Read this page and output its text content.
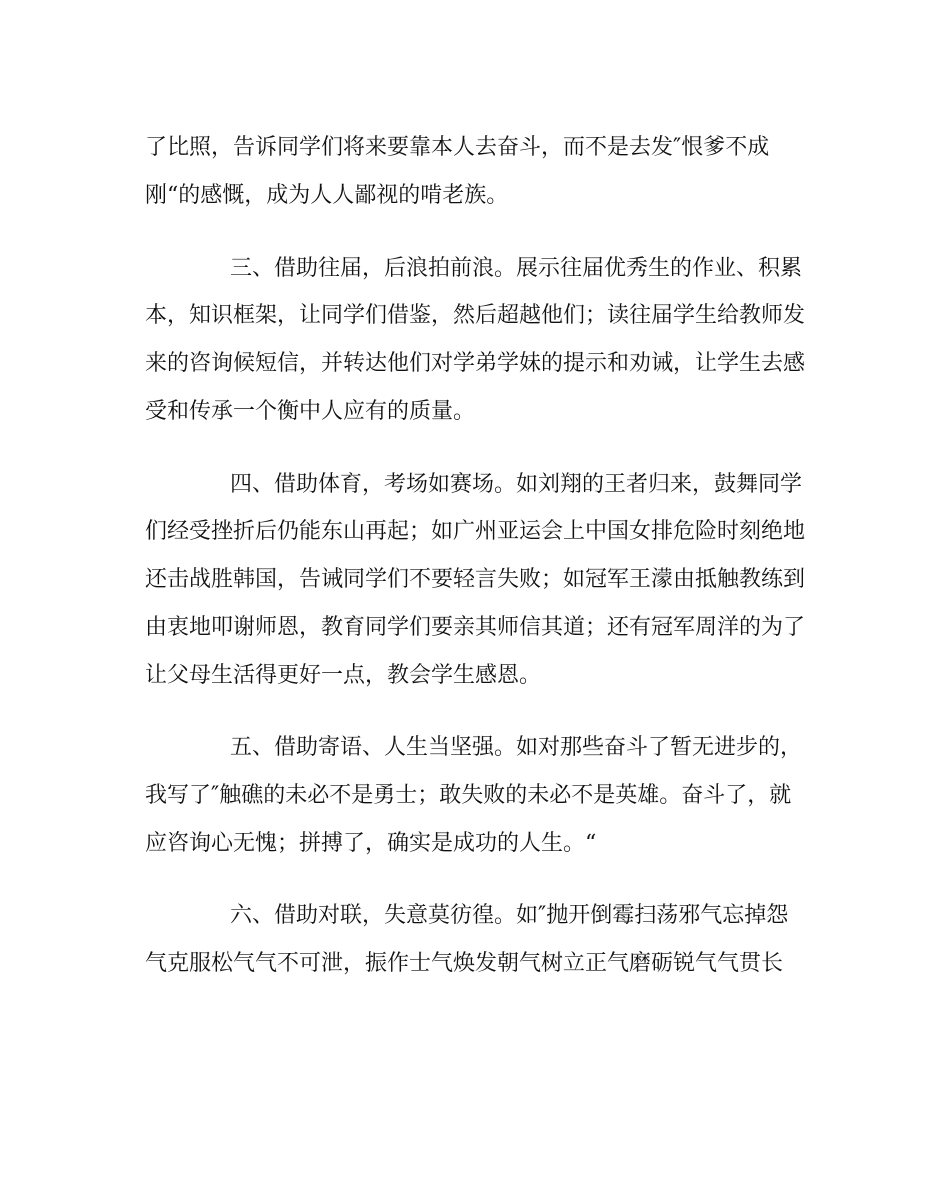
了比照，告诉同学们将来要靠本人去奋斗，而不是去发″恨爹不成
刚“的感慨，成为人人鄙视的啃老族。
三、借助往届，后浪拍前浪。展示往届优秀生的作业、积累
本，知识框架，让同学们借鉴，然后超越他们；读往届学生给教师发
来的咨询候短信，并转达他们对学弟学妹的提示和劝诫，让学生去感
受和传承一个衡中人应有的质量。
四、借助体育，考场如赛场。如刘翔的王者归来，鼓舞同学
们经受挫折后仍能东山再起；如广州亚运会上中国女排危险时刻绝地
还击战胜韩国，告诫同学们不要轻言失败；如冠军王濛由抵触教练到
由衷地叩谢师恩，教育同学们要亲其师信其道；还有冠军周洋的为了
让父母生活得更好一点，教会学生感恩。
五、借助寄语、人生当坚强。如对那些奋斗了暂无进步的，
我写了″触礁的未必不是勇士；敢失败的未必不是英雄。奋斗了，就
应咨询心无愧；拼搏了，确实是成功的人生。“
六、借助对联，失意莫彷徨。如″抛开倒霉扫荡邪气忘掉怨
气克服松气气不可泄，振作士气焕发朝气树立正气磨砺锐气气贯长
